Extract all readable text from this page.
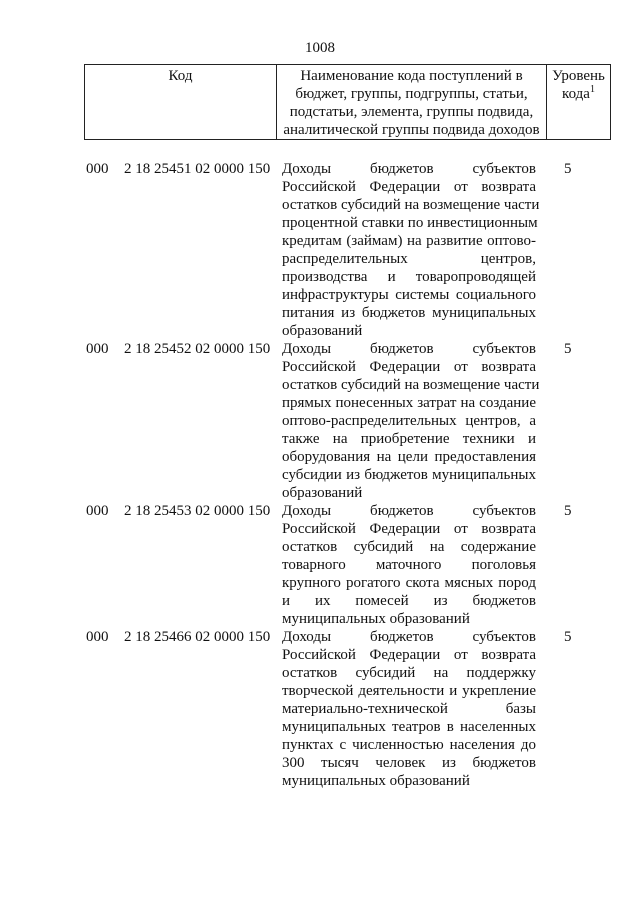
1008
Код	Наименование кода поступлений в бюджет, группы, подгруппы, статьи, подстатьи, элемента, группы подвида, аналитической группы подвида доходов	Уровень кода$^1$
000 2 18 25451 02 0000 150 Доходы бюджетов субъектов
Российской Федерации от возврата
остатков субсидий на возмещение части
процентной ставки по инвестиционным
кредитам (займам) на развитие оптово-
распределительных центров,
производства и товаропроводящей
инфраструктуры системы социального
питания из бюджетов муниципальных
образований
5
000 2 18 25452 02 0000 150 Доходы бюджетов субъектов
Российской Федерации от возврата
остатков субсидий на возмещение части
прямых понесенных затрат на создание
оптово-распределительных центров, а
также на приобретение техники и
оборудования на цели предоставления
субсидии из бюджетов муниципальных
образований
5
000 2 18 25453 02 0000 150 Доходы бюджетов субъектов
Российской Федерации от возврата
остатков субсидий на содержание
товарного маточного поголовья
крупного рогатого скота мясных пород
и их помесей из бюджетов
муниципальных образований
5
000 2 18 25466 02 0000 150 Доходы бюджетов субъектов
Российской Федерации от возврата
остатков субсидий на поддержку
творческой деятельности и укрепление
материально-технической базы
муниципальных театров в населенных
пунктах с численностью населения до
300 тысяч человек из бюджетов
муниципальных образований
5
